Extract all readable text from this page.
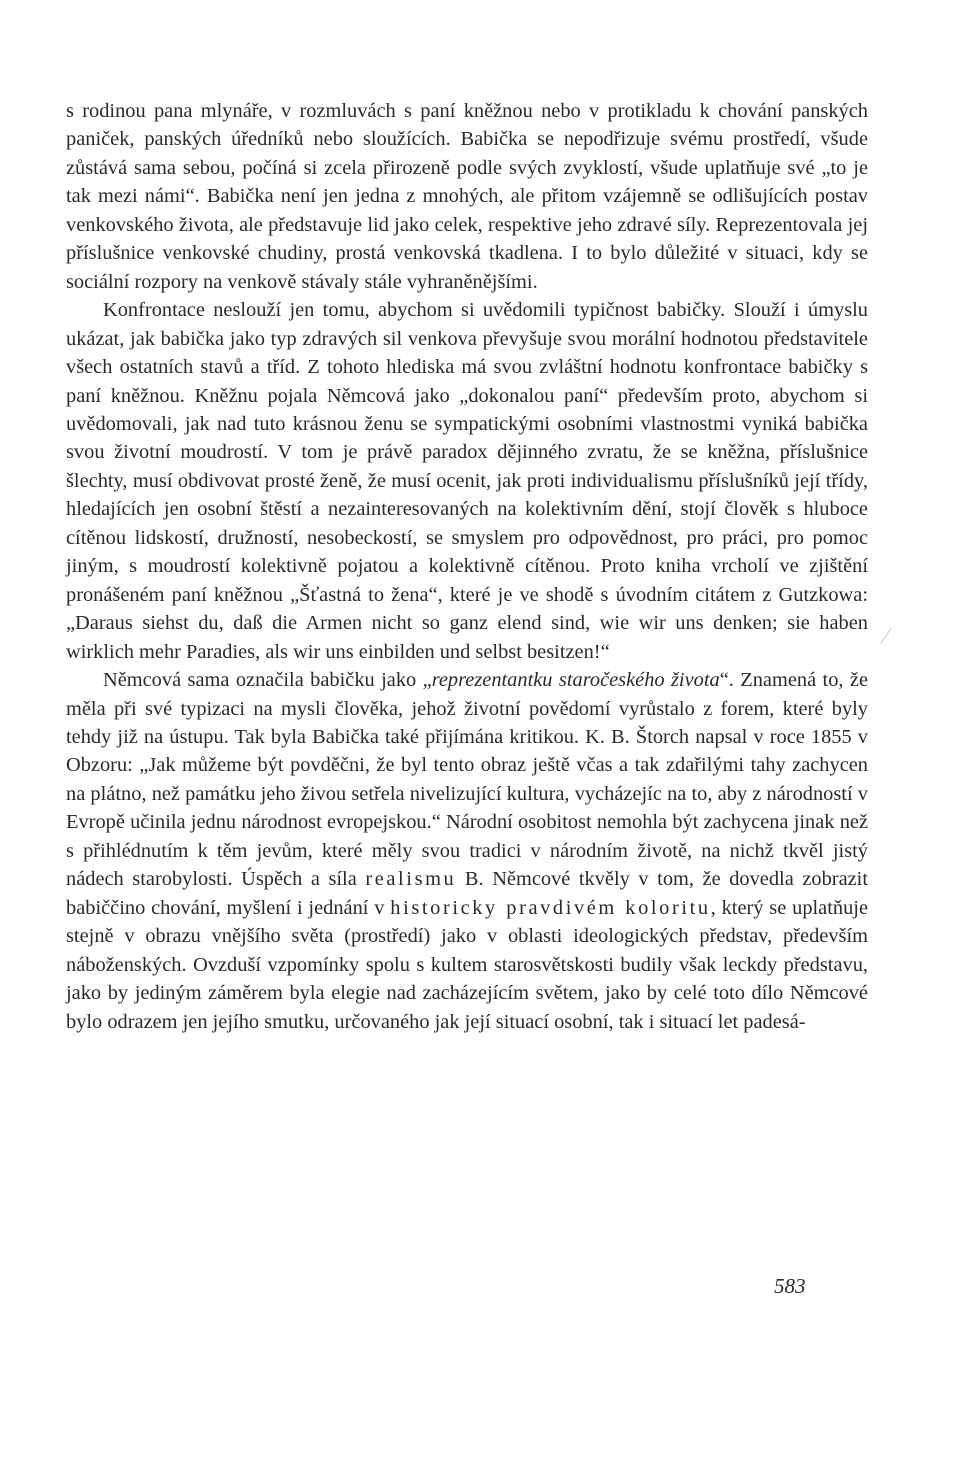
s rodinou pana mlynáře, v rozmluvách s paní kněžnou nebo v protikladu k chování panských paniček, panských úředníků nebo sloužících. Babička se nepodřizuje svému prostředí, všude zůstává sama sebou, počíná si zcela přirozeně podle svých zvyklostí, všude uplatňuje své „to je tak mezi námi“. Babička není jen jedna z mnohých, ale přitom vzájemně se odlišujících postav venkovského života, ale představuje lid jako celek, respektive jeho zdravé síly. Reprezentovala jej příslušnice venkovské chudiny, prostá venkovská tkadlena. I to bylo důležité v situaci, kdy se sociální rozpory na venkově stávaly stále vyhraněnějšími.

Konfrontace neslouží jen tomu, abychom si uvědomili typičnost babičky. Slouží i úmyslu ukázat, jak babička jako typ zdravých sil venkova převyšuje svou morální hodnotou představitele všech ostatních stavů a tříd. Z tohoto hlediska má svou zvláštní hodnotu konfrontace babičky s paní kněžnou. Kněžnu pojala Němcová jako „dokonalou paní“ především proto, abychom si uvědomovali, jak nad tuto krásnou ženu se sympatickými osobními vlastnostmi vyniká babička svou životní moudrostí. V tom je právě paradox dějinného zvratu, že se kněžna, příslušnice šlechty, musí obdivovat prosté ženě, že musí ocenit, jak proti individualismu příslušníků její třídy, hledajících jen osobní štěstí a nezainteresovaných na kolektivním dění, stojí člověk s hluboce cítěnou lidskostí, družností, nesobeckostí, se smyslem pro odpovědnost, pro práci, pro pomoc jiným, s moudrostí kolektivně pojatou a kolektivně cítěnou. Proto kniha vrcholí ve zjištění pronášeném paní kněžnou „Šťastná to žena“, které je ve shodě s úvodním citátem z Gutzkowa: „Daraus siehst du, daß die Armen nicht so ganz elend sind, wie wir uns denken; sie haben wirklich mehr Paradies, als wir uns einbilden und selbst besitzen!“

Němcová sama označila babičku jako „reprezentantku staročeského života“. Znamená to, že měla při své typizaci na mysli člověka, jehož životní povědomí vyrůstalo z forem, které byly tehdy již na ústupu. Tak byla Babička také přijímána kritikou. K. B. Štorch napsal v roce 1855 v Obzoru: „Jak můžeme být povděčni, že byl tento obraz ještě včas a tak zdařilými tahy zachycen na plátno, než památku jeho živou setřela nivelizující kultura, vycházejíc na to, aby z národností v Evropě učinila jednu národnost evropejskou.“ Národní osobitost nemohla být zachycena jinak než s přihlédnutím k těm jevům, které měly svou tradici v národním životě, na nichž tkvěl jistý nádech starobylosti. Úspěch a síla realismu B. Němcové tkvěly v tom, že dovedla zobrazit babiččino chování, myšlení i jednání v historicky pravdivém koloritu, který se uplatňuje stejně v obrazu vnějšího světa (prostředí) jako v oblasti ideologických představ, především náboženských. Ovzduší vzpomínky spolu s kultem starosvětskosti budily však leckdy představu, jako by jediným záměrem byla elegie nad zacházejícím světem, jako by celé toto dílo Němcové bylo odrazem jen jejího smutku, určovaného jak její situací osobní, tak i situací let padesá-

583
